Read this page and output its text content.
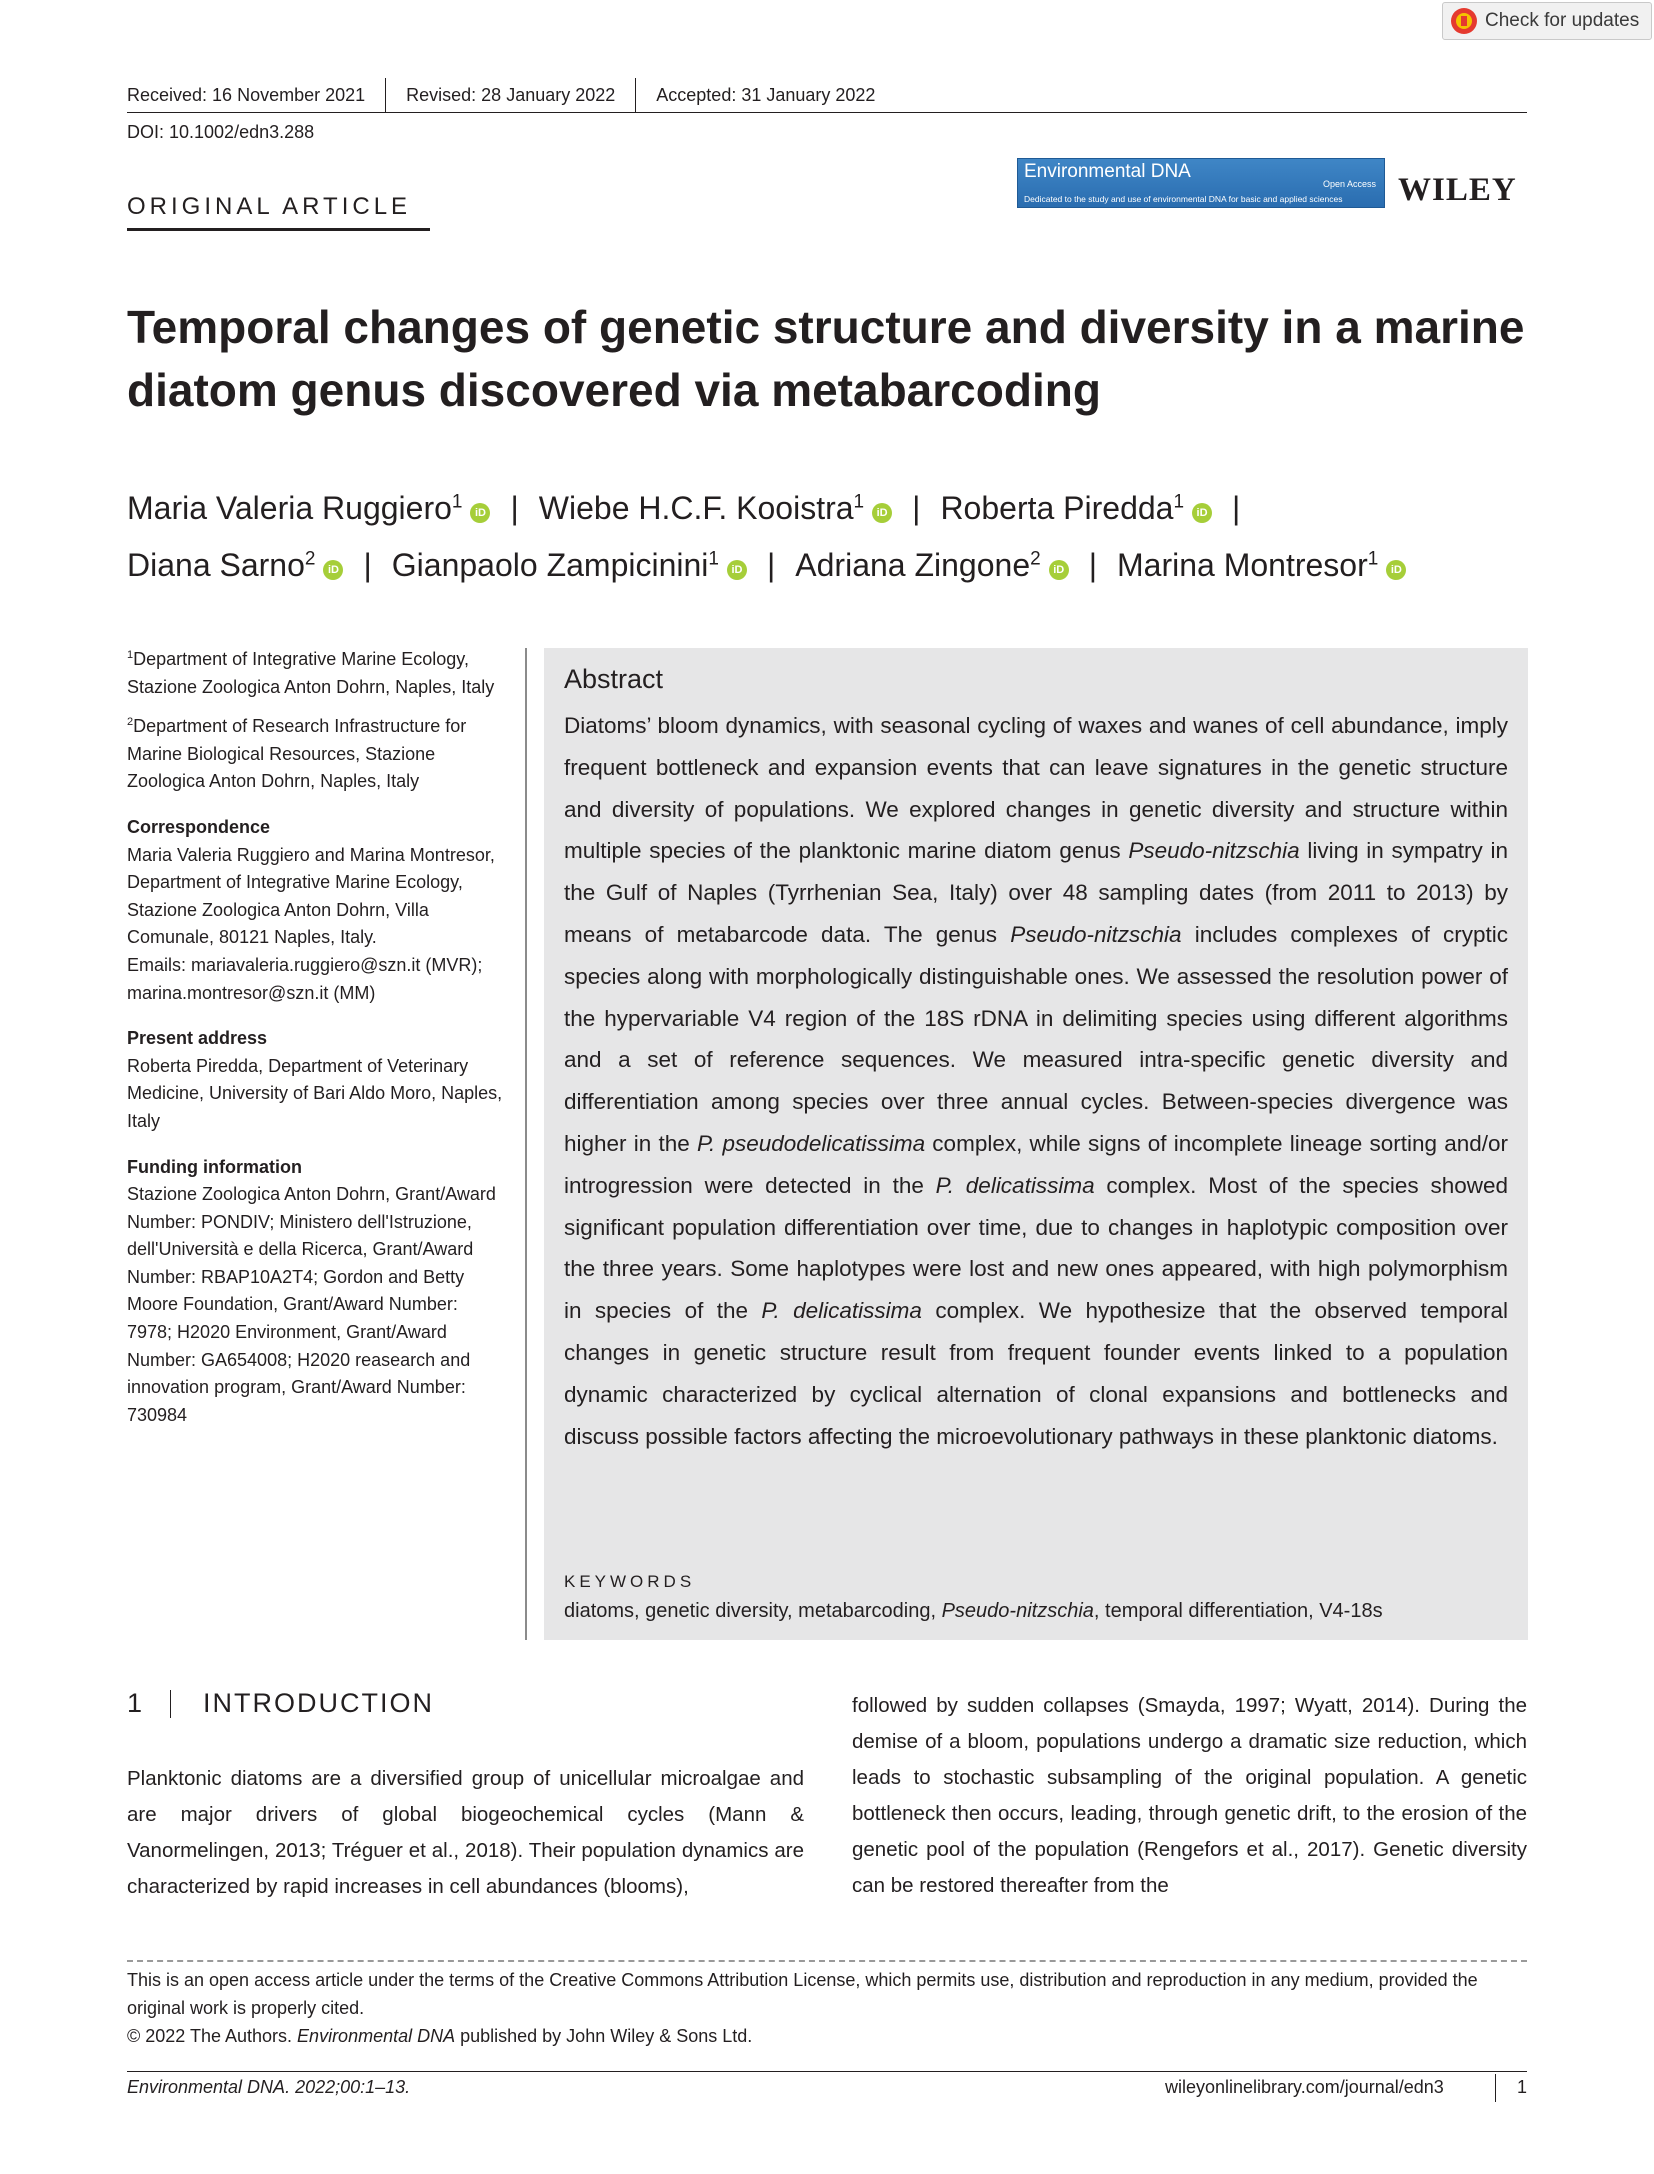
Check for updates
Received: 16 November 2021 Revised: 28 January 2022 Accepted: 31 January 2022
DOI: 10.1002/edn3.288
ORIGINAL ARTICLE
Environmental DNA
Open Access
Dedicated to the study and use of environmental DNA for basic and applied sciences WILEY
Temporal changes of genetic structure and diversity in a marine diatom genus discovered via metabarcoding
Maria Valeria Ruggiero$^1$iD | Wiebe H.C.F. Kooistra$^1$iD | Roberta Piredda$^1$iD |
Diana Sarno$^2$iD | Gianpaolo Zampicinini$^1$iD | Adriana Zingone$^2$iD | Marina Montresor$^1$iD

$^1$Department of Integrative Marine Ecology, Stazione Zoologica Anton Dohrn, Naples, Italy

$^2$Department of Research Infrastructure for Marine Biological Resources, Stazione Zoologica Anton Dohrn, Naples, Italy

Correspondence

Maria Valeria Ruggiero and Marina Montresor, Department of Integrative Marine Ecology, Stazione Zoologica Anton Dohrn, Villa Comunale, 80121 Naples, Italy.

Emails: mariavaleria.ruggiero@szn.it (MVR); marina.montresor@szn.it (MM)

Present address

Roberta Piredda, Department of Veterinary Medicine, University of Bari Aldo Moro, Naples, Italy

Funding information

Stazione Zoologica Anton Dohrn, Grant/Award Number: PONDIV; Ministero dell'Istruzione, dell'Università e della Ricerca, Grant/Award Number: RBAP10A2T4; Gordon and Betty Moore Foundation, Grant/Award Number: 7978; H2020 Environment, Grant/Award Number: GA654008; H2020 reasearch and innovation program, Grant/Award Number: 730984

Abstract
Diatoms’ bloom dynamics, with seasonal cycling of waxes and wanes of cell abundance, imply frequent bottleneck and expansion events that can leave signatures in the genetic structure and diversity of populations. We explored changes in genetic diversity and structure within multiple species of the planktonic marine diatom genus Pseudo-nitzschia living in sympatry in the Gulf of Naples (Tyrrhenian Sea, Italy) over 48 sampling dates (from 2011 to 2013) by means of metabarcode data. The genus Pseudo-nitzschia includes complexes of cryptic species along with morphologically distinguishable ones. We assessed the resolution power of the hypervariable V4 region of the 18S rDNA in delimiting species using different algorithms and a set of reference sequences. We measured intra-specific genetic diversity and differentiation among species over three annual cycles. Between-species divergence was higher in the P. pseudodelicatissima complex, while signs of incomplete lineage sorting and/or introgression were detected in the P. delicatissima complex. Most of the species showed significant population differentiation over time, due to changes in haplotypic composition over the three years. Some haplotypes were lost and new ones appeared, with high polymorphism in species of the P. delicatissima complex. We hypothesize that the observed temporal changes in genetic structure result from frequent founder events linked to a population dynamic characterized by cyclical alternation of clonal expansions and bottlenecks and discuss possible factors affecting the microevolutionary pathways in these planktonic diatoms.
KEYWORDS
diatoms, genetic diversity, metabarcoding, Pseudo-nitzschia, temporal differentiation, V4-18s
1 INTRODUCTION
Planktonic diatoms are a diversified group of unicellular microalgae and are major drivers of global biogeochemical cycles (Mann & Vanormelingen, 2013; Tréguer et al., 2018). Their population dynamics are characterized by rapid increases in cell abundances (blooms),
followed by sudden collapses (Smayda, 1997; Wyatt, 2014). During the demise of a bloom, populations undergo a dramatic size reduction, which leads to stochastic subsampling of the original population. A genetic bottleneck then occurs, leading, through genetic drift, to the erosion of the genetic pool of the population (Rengefors et al., 2017). Genetic diversity can be restored thereafter from the
This is an open access article under the terms of the Creative Commons Attribution License, which permits use, distribution and reproduction in any medium, provided the original work is properly cited.
© 2022 The Authors. Environmental DNA published by John Wiley & Sons Ltd.
Environmental DNA. 2022;00:1–13.	wileyonlinelibrary.com/journal/edn3	1
